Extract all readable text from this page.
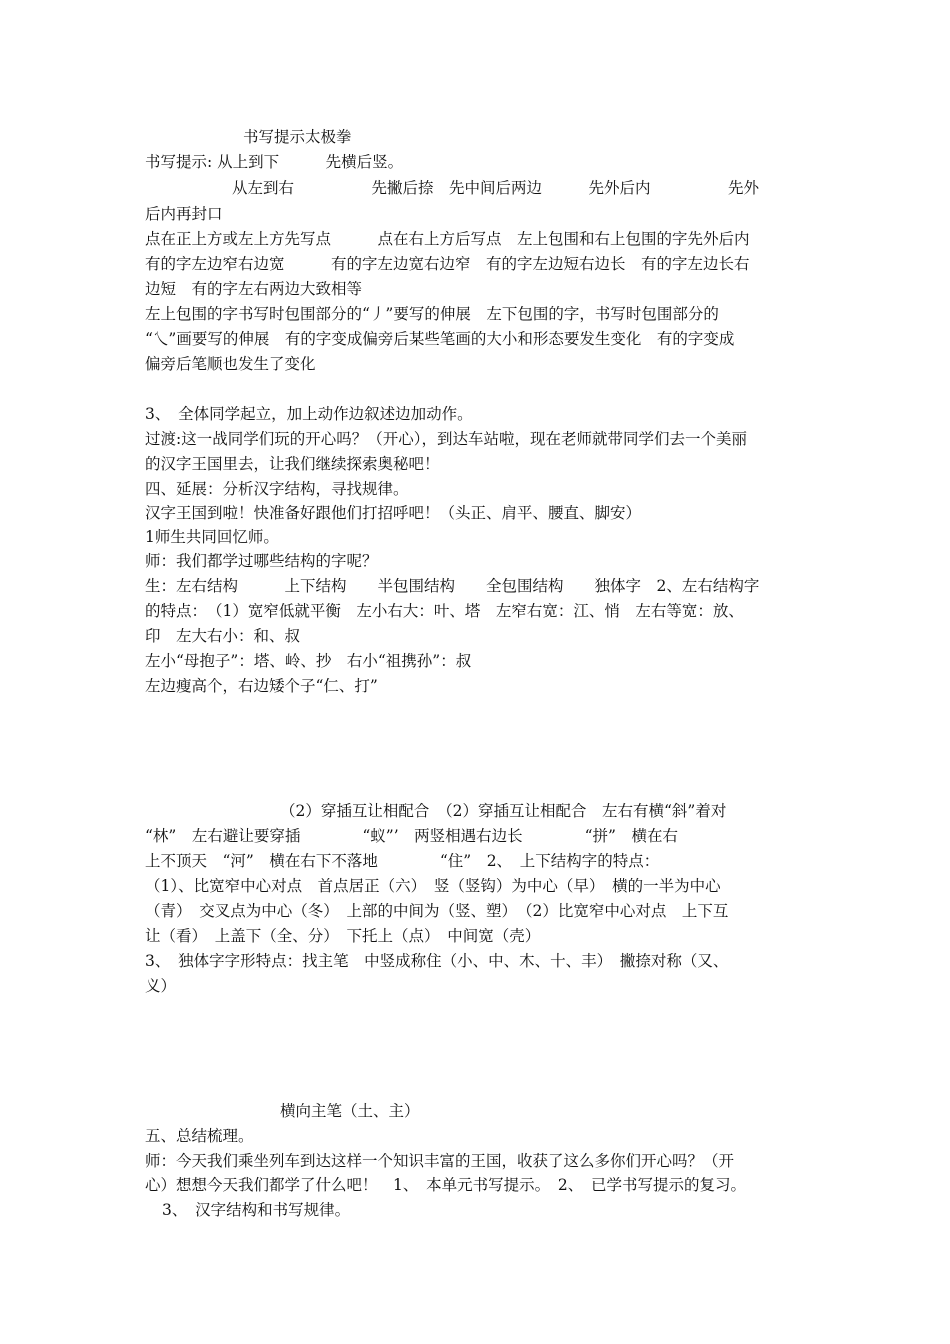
书写提示太极拳
书写提示: 从上到下　　　先横后竖。
从左到右　　　　　先撇后捺　先中间后两边　　　先外后内　　　　　先外
后内再封口
点在正上方或左上方先写点　　　点在右上方后写点　左上包围和右上包围的字先外后内
有的字左边窄右边宽　　　有的字左边宽右边窄　有的字左边短右边长　有的字左边长右
边短　有的字左右两边大致相等
左上包围的字书写时包围部分的“丿”要写的伸展　左下包围的字，书写时包围部分的
“乀”画要写的伸展　有的字变成偏旁后某些笔画的大小和形态要发生变化　有的字变成
偏旁后笔顺也发生了变化
3、　全体同学起立，加上动作边叙述边加动作。
过渡:这一战同学们玩的开心吗？（开心），到达车站啦，现在老师就带同学们去一个美丽
的汉字王国里去，让我们继续探索奥秘吧！
四、延展：分析汉字结构，寻找规律。
汉字王国到啦！快准备好跟他们打招呼吧！（头正、肩平、腰直、脚安）
1师生共同回忆师。
师：我们都学过哪些结构的字呢？
生：左右结构　　　上下结构　　半包围结构　　全包围结构　　独体字　2、左右结构字
的特点：　（1）宽窄低就平衡　左小右大：叶、塔　左窄右宽：江、悄　左右等宽：放、
印　左大右小：和、叔
左小“母抱子”：塔、岭、抄　右小“祖携孙”：叔
左边瘦高个，右边矮个子“仁、打”
（2）穿插互让相配合　（2）穿插互让相配合　左右有横“斜”着对
“林”　左右避让要穿插　　　　“蚁”’　两竖相遇右边长　　　　“拼”　横在右
上不顶天　“河”　横在右下不落地　　　　“住”　2、　上下结构字的特点：
（1）、比宽窄中心对点　首点居正（六）　竖（竖钩）为中心（早）　横的一半为中心
（青）　交叉点为中心（冬）　上部的中间为（竖、塑）　（2）比宽窄中心对点　上下互
让（看）　上盖下（全、分）　下托上（点）　中间宽（壳）
3、　独体字字形特点：找主笔　中竖成称住（小、中、木、十、丰）　撇捺对称（又、
义）
横向主笔（土、主）
五、总结梳理。
师：今天我们乘坐列车到达这样一个知识丰富的王国，收获了这么多你们开心吗？（开
心）想想今天我们都学了什么吧！　1、　本单元书写提示。　2、　已学书写提示的复习。
3、　汉字结构和书写规律。
